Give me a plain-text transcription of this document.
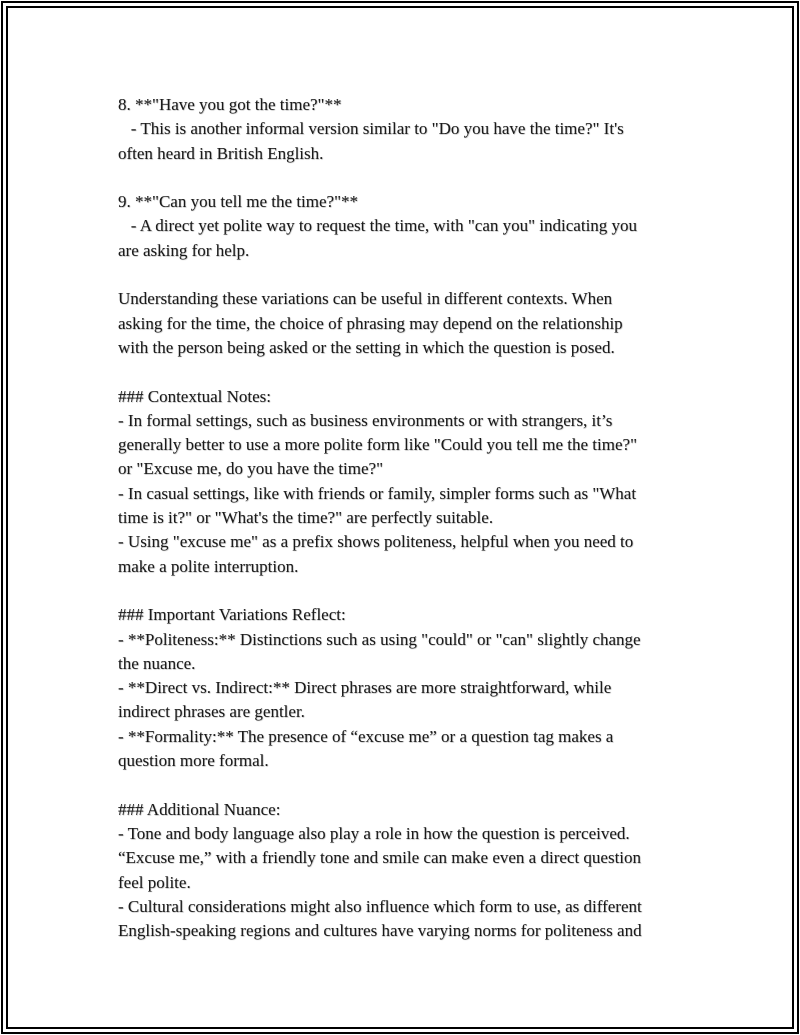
8. **"Have you got the time?"**
- This is another informal version similar to "Do you have the time?" It's
often heard in British English.
9. **"Can you tell me the time?"**
- A direct yet polite way to request the time, with "can you" indicating you
are asking for help.
Understanding these variations can be useful in different contexts. When
asking for the time, the choice of phrasing may depend on the relationship
with the person being asked or the setting in which the question is posed.
### Contextual Notes:
- In formal settings, such as business environments or with strangers, it’s
generally better to use a more polite form like "Could you tell me the time?"
or "Excuse me, do you have the time?"
- In casual settings, like with friends or family, simpler forms such as "What
time is it?" or "What's the time?" are perfectly suitable.
- Using "excuse me" as a prefix shows politeness, helpful when you need to
make a polite interruption.
### Important Variations Reflect:
- **Politeness:** Distinctions such as using "could" or "can" slightly change
the nuance.
- **Direct vs. Indirect:** Direct phrases are more straightforward, while
indirect phrases are gentler.
- **Formality:** The presence of “excuse me” or a question tag makes a
question more formal.
### Additional Nuance:
- Tone and body language also play a role in how the question is perceived.
“Excuse me,” with a friendly tone and smile can make even a direct question
feel polite.
- Cultural considerations might also influence which form to use, as different
English-speaking regions and cultures have varying norms for politeness and
